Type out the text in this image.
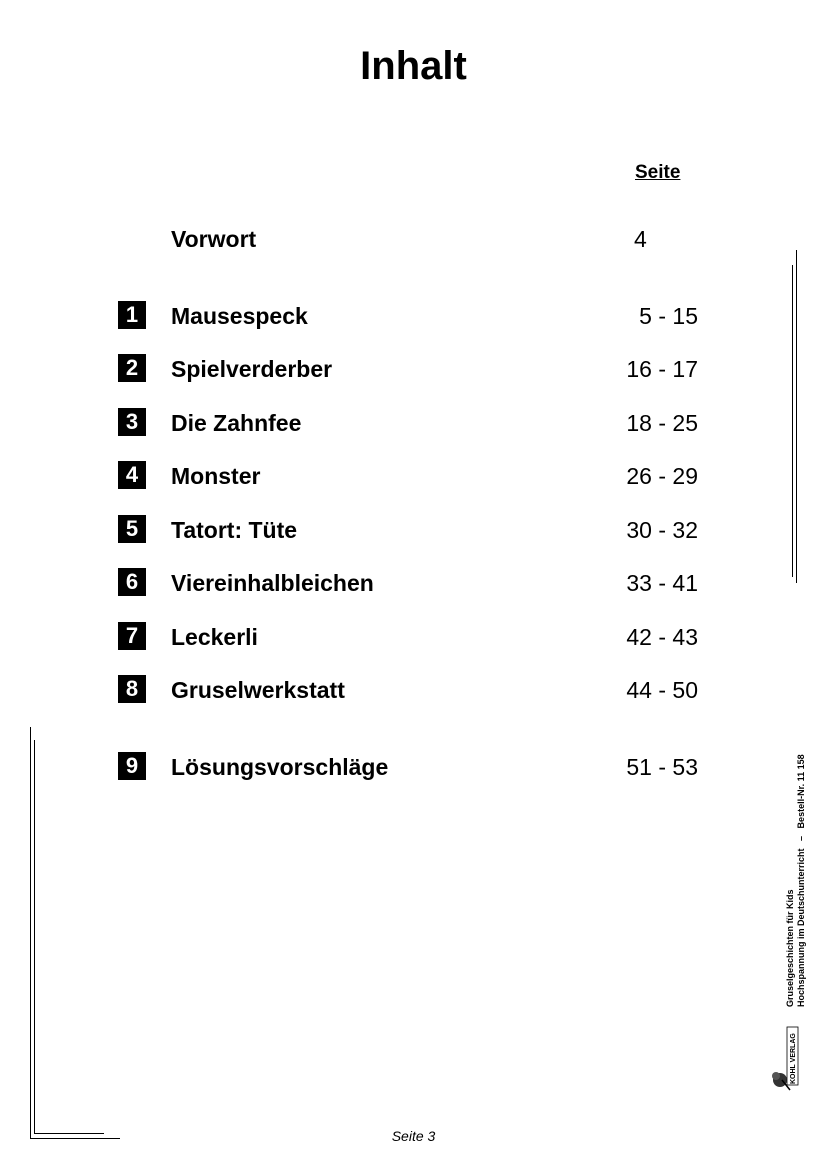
Inhalt
Seite
Vorwort	4
1	Mausespeck	5 - 15
2	Spielverderber	16 - 17
3	Die Zahnfee	18 - 25
4	Monster	26 - 29
5	Tatort: Tüte	30 - 32
6	Viereinhalbleichen	33 - 41
7	Leckerli	42 - 43
8	Gruselwerkstatt	44 - 50
9	Lösungsvorschläge	51 - 53
Gruselgeschichten für Kids Hochspannung im Deutschunterricht   –   Bestell-Nr. 11 158
KOHL VERLAG
Seite 3
